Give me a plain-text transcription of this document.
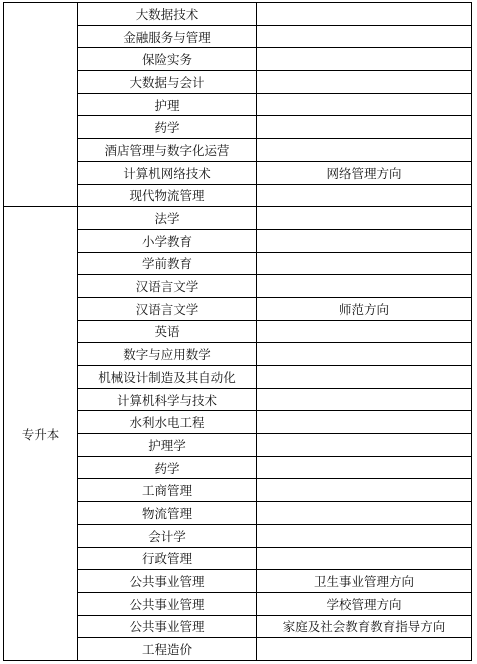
	大数据技术	
	金融服务与管理	
	保险实务	
	大数据与会计	
	护理	
	药学	
	酒店管理与数字化运营	
	计算机网络技术	网络管理方向
	现代物流管理	
专升本	法学	
	小学教育	
	学前教育	
	汉语言文学	
	汉语言文学	师范方向
	英语	
	数字与应用数学	
	机械设计制造及其自动化	
	计算机科学与技术	
	水利水电工程	
	护理学	
	药学	
	工商管理	
	物流管理	
	会计学	
	行政管理	
	公共事业管理	卫生事业管理方向
	公共事业管理	学校管理方向
	公共事业管理	家庭及社会教育教育指导方向
	工程造价	
